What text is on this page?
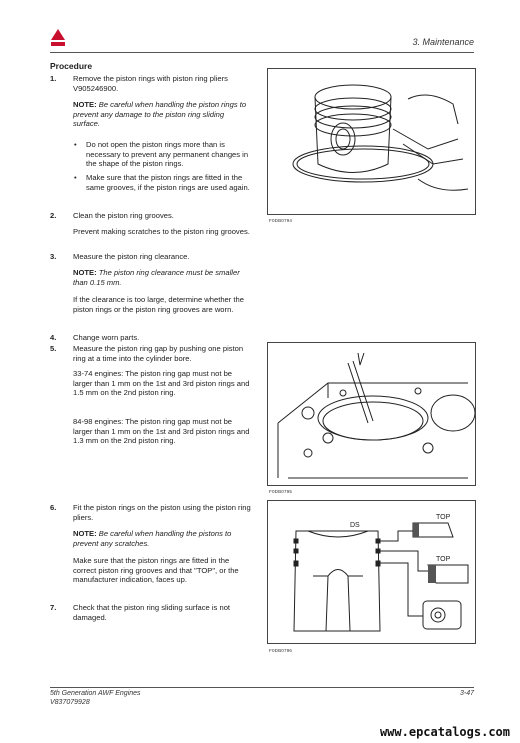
3. Maintenance
Procedure
1. Remove the piston rings with piston ring pliers V905246900.
NOTE: Be careful when handling the piston rings to prevent any damage to the piston ring sliding surface.
• Do not open the piston rings more than is necessary to prevent any permanent changes in the shape of the piston rings.
• Make sure that the piston rings are fitted in the same grooves, if the piston rings are used again.
2. Clean the piston ring grooves.
Prevent making scratches to the piston ring grooves.
3. Measure the piston ring clearance.
NOTE: The piston ring clearance must be smaller than 0.15 mm.
If the clearance is too large, determine whether the piston rings or the piston ring grooves are worn.
4. Change worn parts.
5. Measure the piston ring gap by pushing one piston ring at a time into the cylinder bore.
33-74 engines: The piston ring gap must not be larger than 1 mm on the 1st and 3rd piston rings and 1.5 mm on the 2nd piston ring.
84-98 engines: The piston ring gap must not be larger than 1 mm on the 1st and 3rd piston rings and 1.3 mm on the 2nd piston ring.
6. Fit the piston rings on the piston using the piston ring pliers.
NOTE: Be careful when handling the pistons to prevent any scratches.
Make sure that the piston rings are fitted in the correct piston ring grooves and that "TOP", or the manufacturer indication, faces up.
7. Check that the piston ring sliding surface is not damaged.
F0DB0794
F0DB0795
DS
TOP
TOP
F0DB0796
5th Generation AWF Engines
V837079928
3-47
www.epcatalogs.com
